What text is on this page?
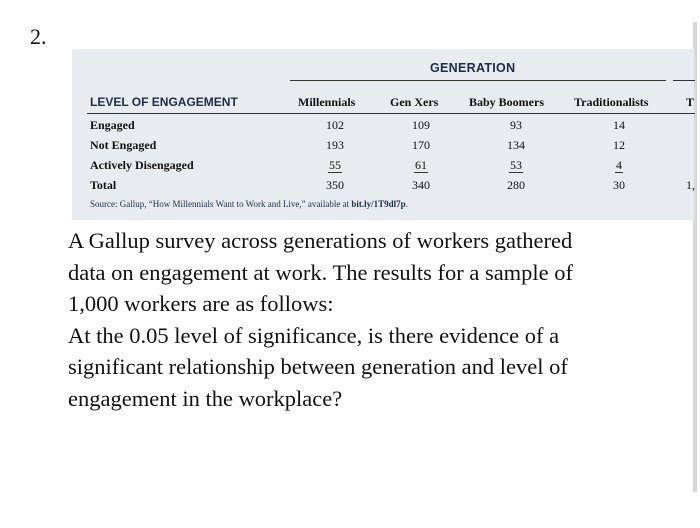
2.
GENERATION
LEVEL OF ENGAGEMENT	Millennials	Gen Xers	Baby Boomers	Traditionalists	T
Engaged	102	109	93	14
Not Engaged	193	170	134	12
Actively Disengaged	55	61	53	4
Total	350	340	280	30	1,
Source: Gallup, “How Millennials Want to Work and Live,” available at bit.ly/1T9dl7p.

A Gallup survey across generations of workers gathered data on engagement at work. The results for a sample of 1,000 workers are as follows:

At the 0.05 level of significance, is there evidence of a significant relationship between generation and level of engagement in the workplace?
